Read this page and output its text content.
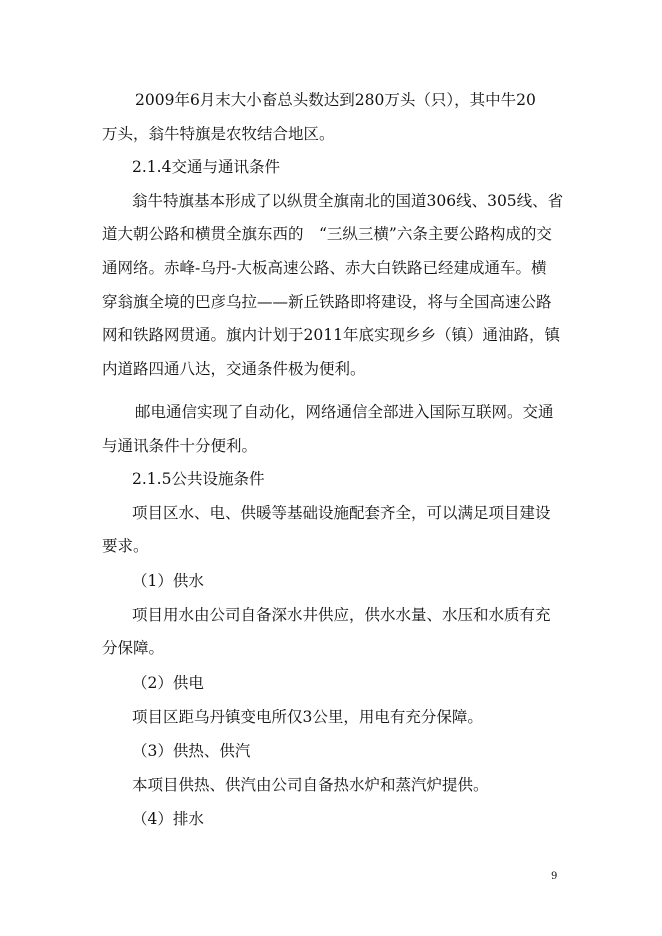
2009年6月末大小畜总头数达到280万头（只），其中牛20

万头，翁牛特旗是农牧结合地区。

2.1.4交通与通讯条件

翁牛特旗基本形成了以纵贯全旗南北的国道306线、305线、省

道大朝公路和横贯全旗东西的　“三纵三横”六条主要公路构成的交

通网络。赤峰-乌丹-大板高速公路、赤大白铁路已经建成通车。横

穿翁旗全境的巴彦乌拉——新丘铁路即将建设，将与全国高速公路

网和铁路网贯通。旗内计划于2011年底实现乡乡（镇）通油路，镇

内道路四通八达，交通条件极为便利。

邮电通信实现了自动化，网络通信全部进入国际互联网。交通

与通讯条件十分便利。

2.1.5公共设施条件

项目区水、电、供暖等基础设施配套齐全，可以满足项目建设

要求。

（1）供水

项目用水由公司自备深水井供应，供水水量、水压和水质有充

分保障。

（2）供电

项目区距乌丹镇变电所仅3公里，用电有充分保障。

（3）供热、供汽

本项目供热、供汽由公司自备热水炉和蒸汽炉提供。

（4）排水

9
